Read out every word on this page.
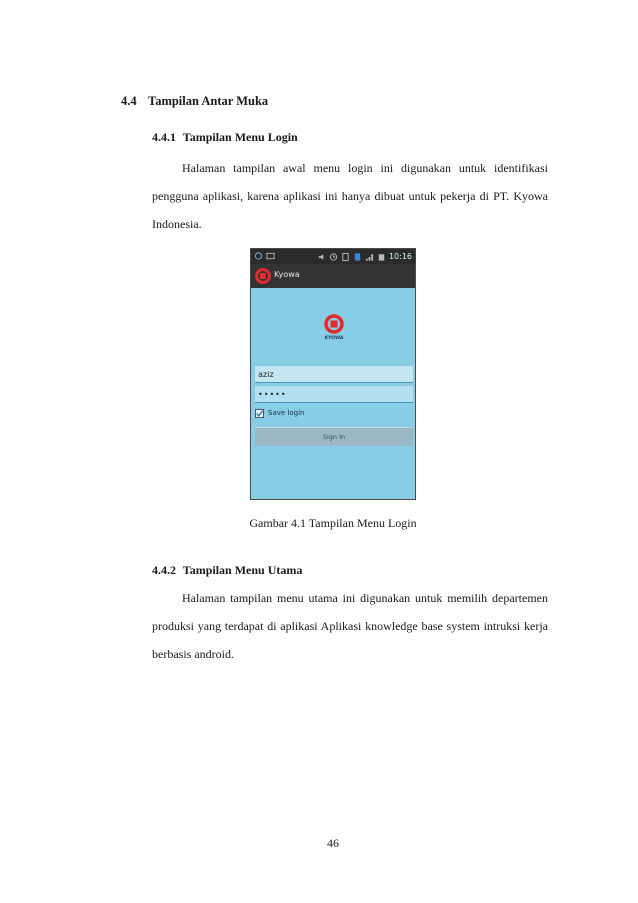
4.4 Tampilan Antar Muka
4.4.1 Tampilan Menu Login

Halaman tampilan awal menu login ini digunakan untuk identifikasi pengguna aplikasi, karena aplikasi ini hanya dibuat untuk pekerja di PT. Kyowa Indonesia.

10:16
Kyowa
KYOWA
aziz
•••••
Save login
Sign In
Gambar 4.1 Tampilan Menu Login
4.4.2 Tampilan Menu Utama

Halaman tampilan menu utama ini digunakan untuk memilih departemen produksi yang terdapat di aplikasi Aplikasi knowledge base system intruksi kerja berbasis android.

46
